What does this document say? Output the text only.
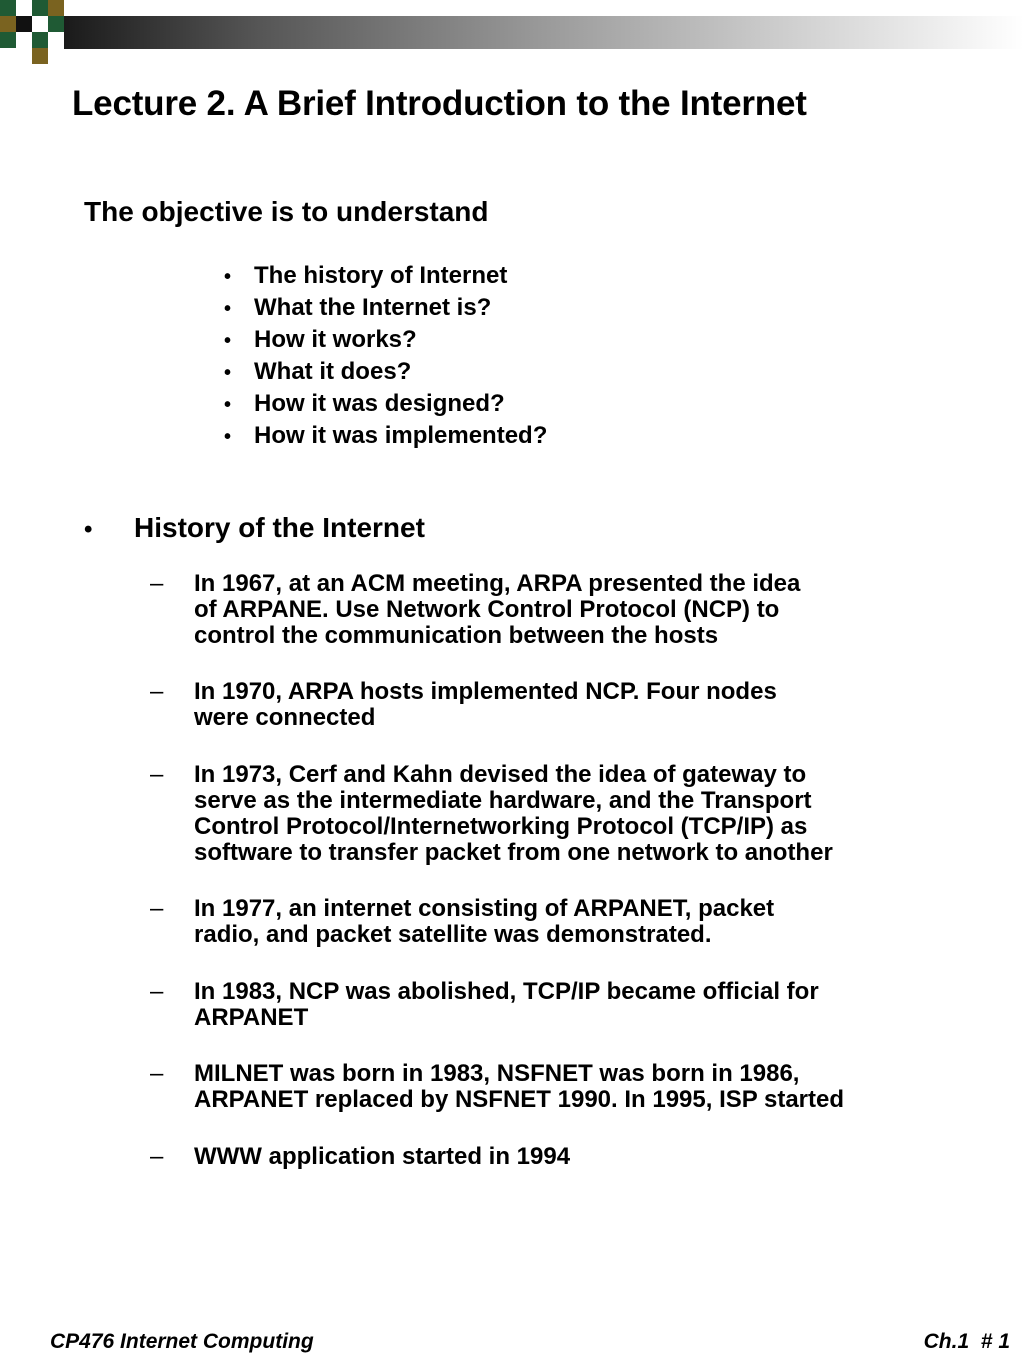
Lecture 2. A Brief Introduction to the Internet
The objective is to understand
• The history of Internet
• What the Internet is?
• How it works?
• What it does?
• How it was designed?
• How it was implemented?
• History of the Internet
– In 1967, at an ACM meeting, ARPA presented the idea
of ARPANE. Use Network Control Protocol (NCP) to
control the communication between the hosts
– In 1970, ARPA hosts implemented NCP. Four nodes
were connected
– In 1973, Cerf and Kahn devised the idea of gateway to
serve as the intermediate hardware, and the Transport
Control Protocol/Internetworking Protocol (TCP/IP) as
software to transfer packet from one network to another
– In 1977, an internet consisting of ARPANET, packet
radio, and packet satellite was demonstrated.
– In 1983, NCP was abolished, TCP/IP became official for
ARPANET
– MILNET was born in 1983, NSFNET was born in 1986,
ARPANET replaced by NSFNET 1990. In 1995, ISP started
– WWW application started in 1994
CP476 Internet Computing	Ch.1  # 1
